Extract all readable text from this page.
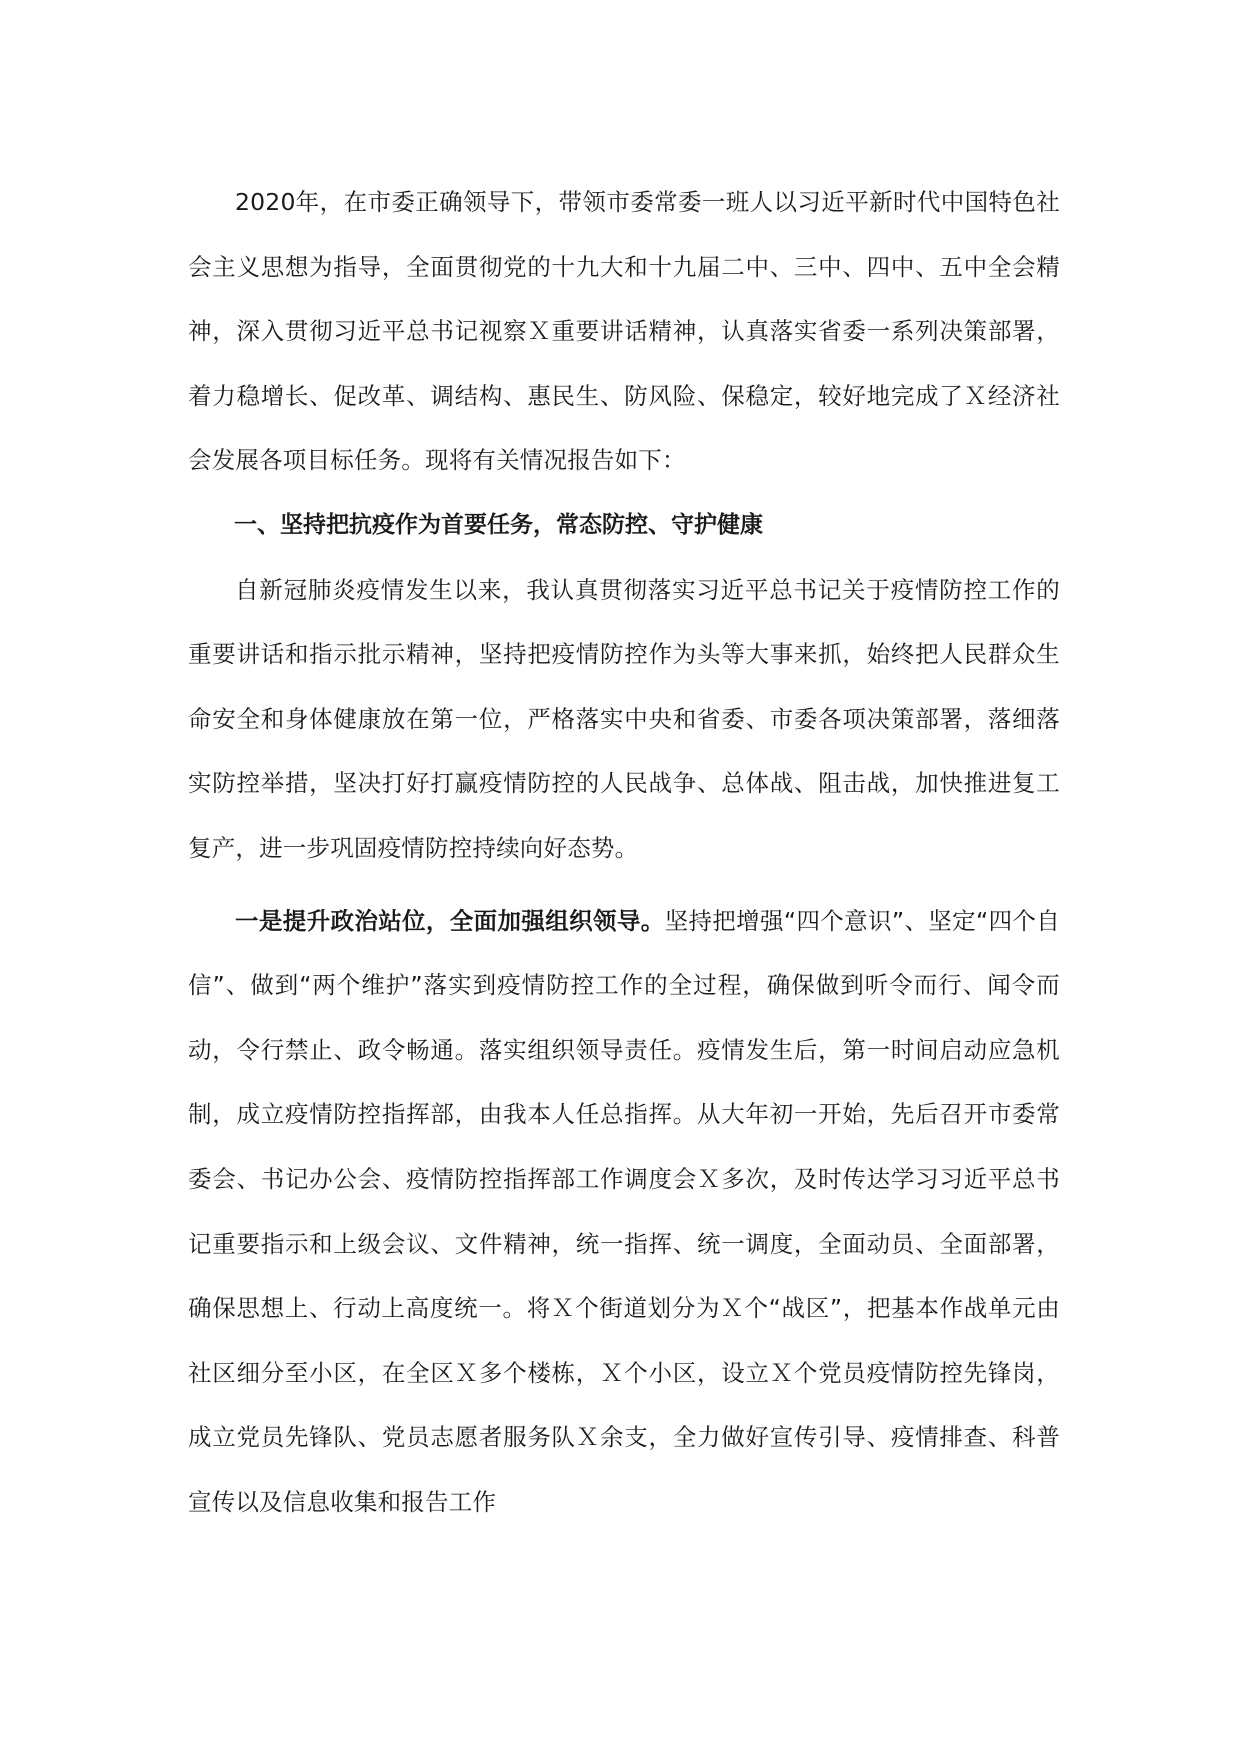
2020年，在市委正确领导下，带领市委常委一班人以习近平新时代中国特色社会主义思想为指导，全面贯彻党的十九大和十九届二中、三中、四中、五中全会精神，深入贯彻习近平总书记视察Ｘ重要讲话精神，认真落实省委一系列决策部署，着力稳增长、促改革、调结构、惠民生、防风险、保稳定，较好地完成了Ｘ经济社会发展各项目标任务。现将有关情况报告如下：

一、坚持把抗疫作为首要任务，常态防控、守护健康

自新冠肺炎疫情发生以来，我认真贯彻落实习近平总书记关于疫情防控工作的重要讲话和指示批示精神，坚持把疫情防控作为头等大事来抓，始终把人民群众生命安全和身体健康放在第一位，严格落实中央和省委、市委各项决策部署，落细落实防控举措，坚决打好打赢疫情防控的人民战争、总体战、阻击战，加快推进复工复产，进一步巩固疫情防控持续向好态势。

一是提升政治站位，全面加强组织领导。坚持把增强“四个意识”、坚定“四个自信”、做到“两个维护”落实到疫情防控工作的全过程，确保做到听令而行、闻令而动，令行禁止、政令畅通。落实组织领导责任。疫情发生后，第一时间启动应急机制，成立疫情防控指挥部，由我本人任总指挥。从大年初一开始，先后召开市委常委会、书记办公会、疫情防控指挥部工作调度会Ｘ多次，及时传达学习习近平总书记重要指示和上级会议、文件精神，统一指挥、统一调度，全面动员、全面部署，确保思想上、行动上高度统一。将Ｘ个街道划分为Ｘ个“战区”，把基本作战单元由社区细分至小区，在全区Ｘ多个楼栋，Ｘ个小区，设立Ｘ个党员疫情防控先锋岗，成立党员先锋队、党员志愿者服务队Ｘ余支，全力做好宣传引导、疫情排查、科普宣传以及信息收集和报告工作
